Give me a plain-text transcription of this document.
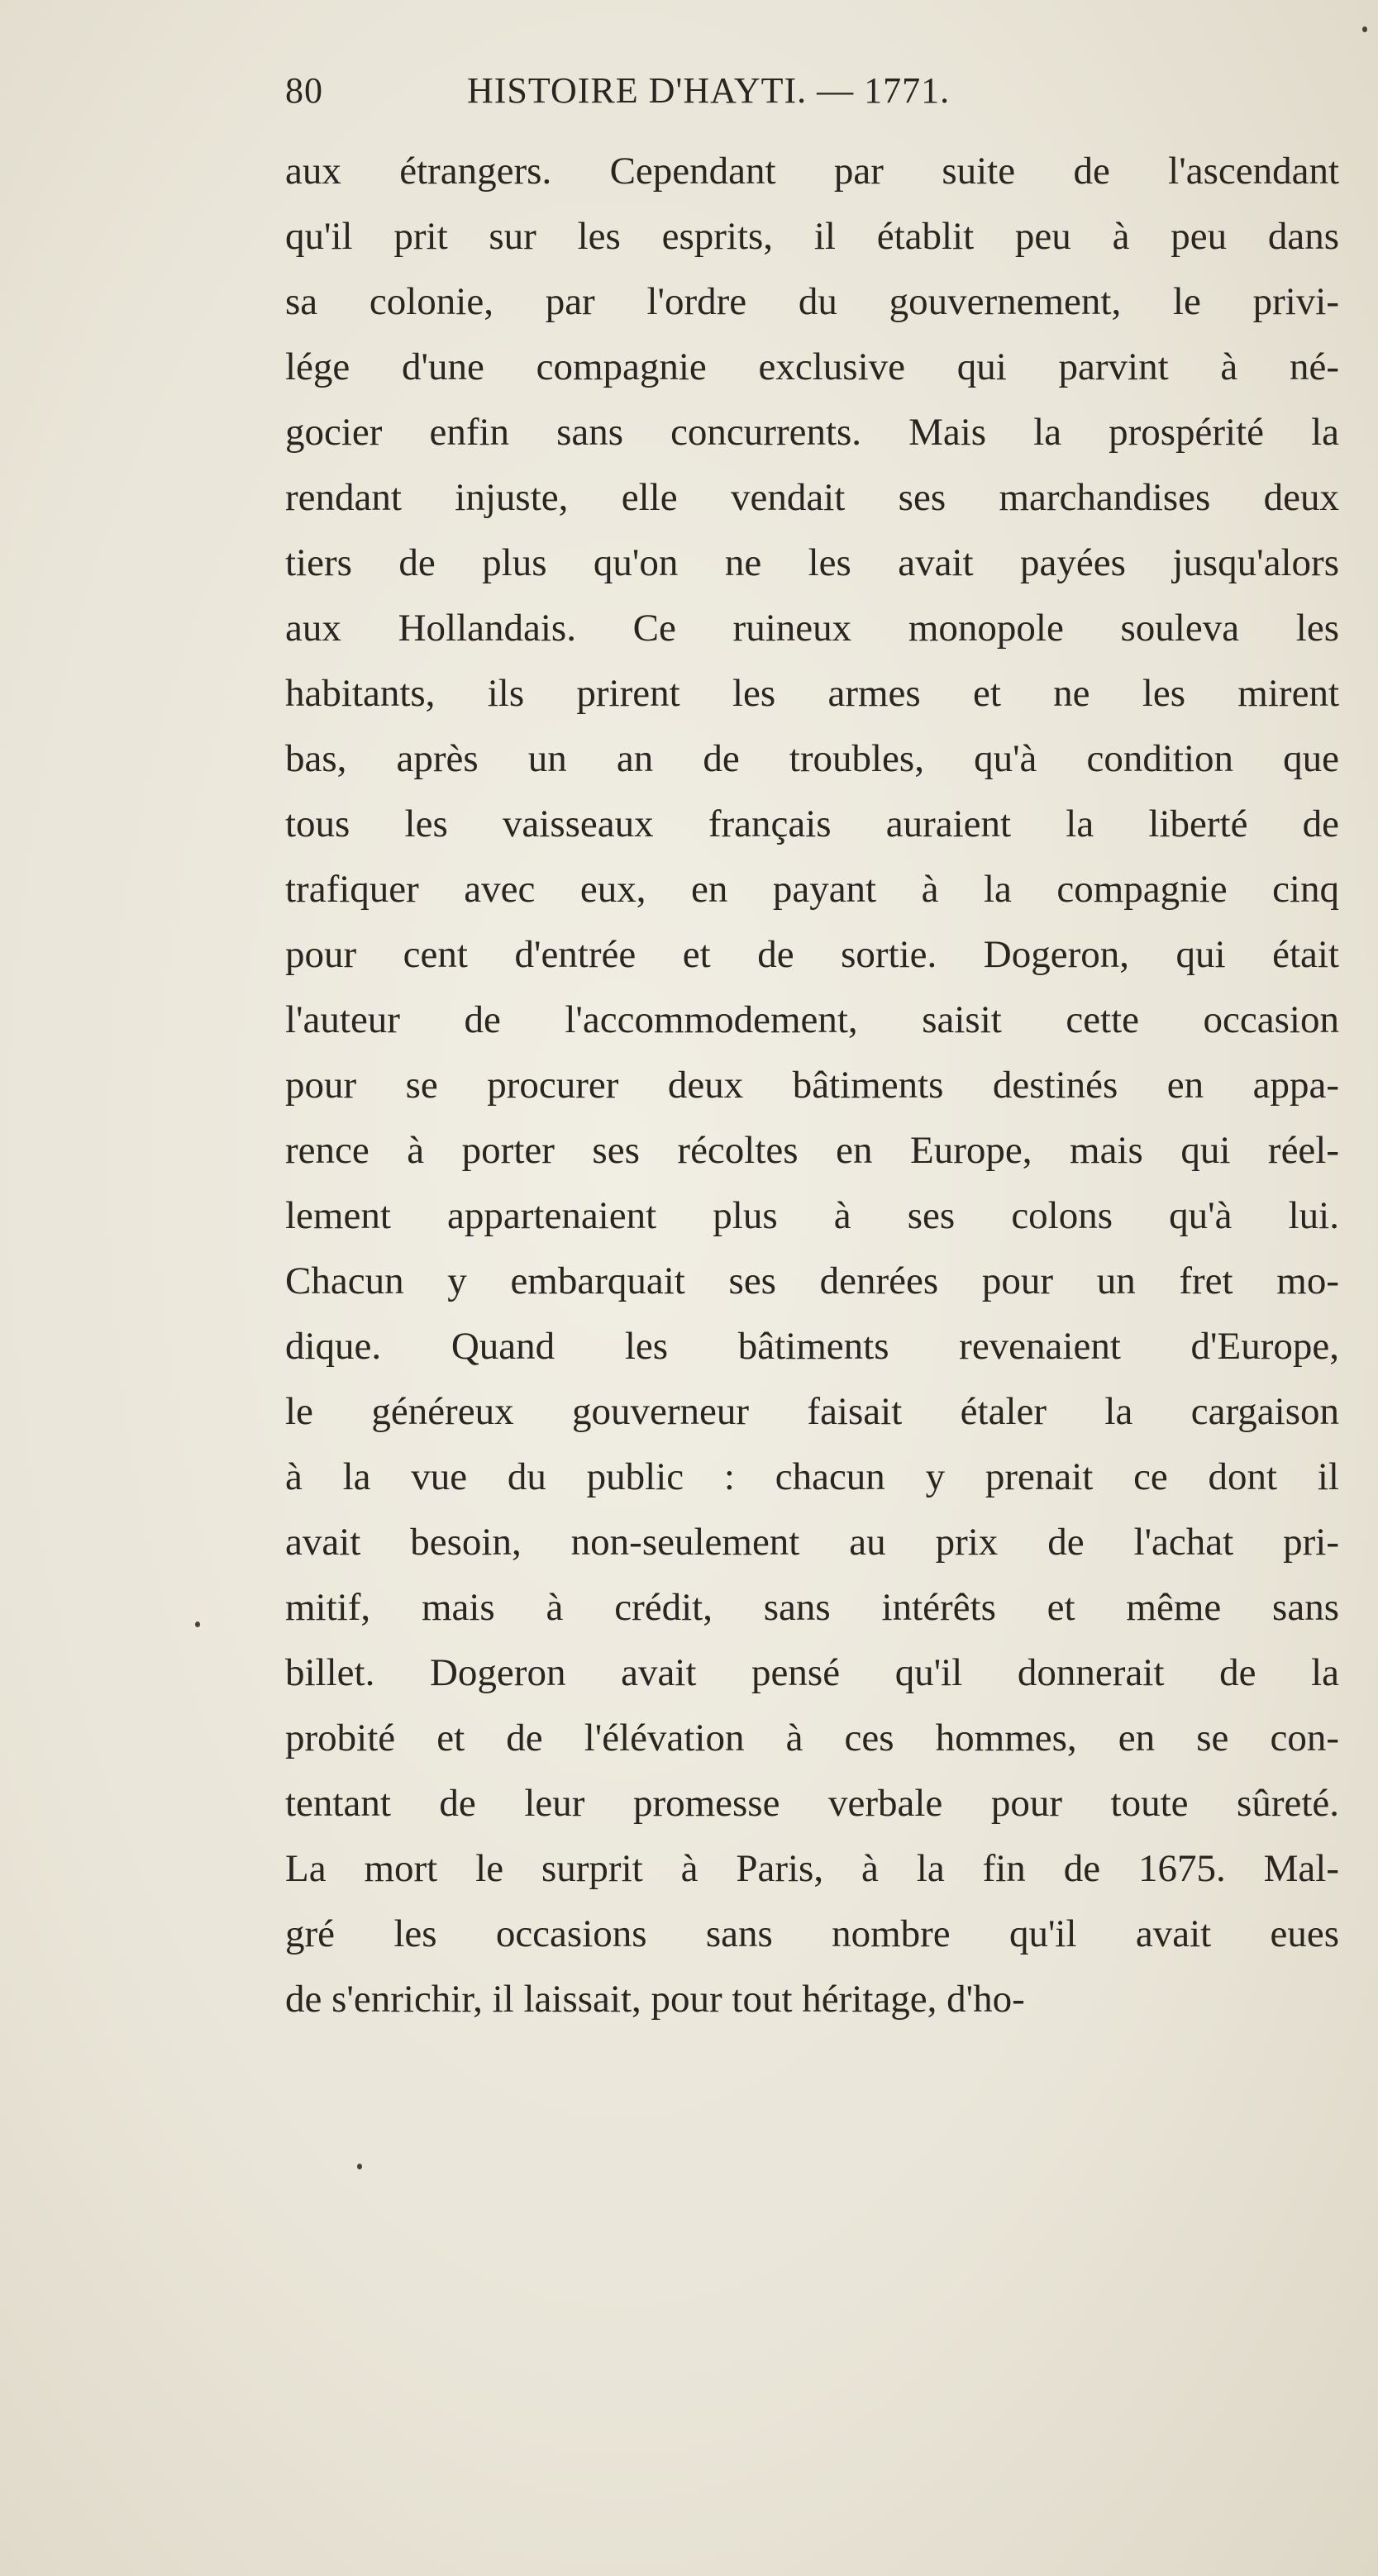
80	HISTOIRE D'HAYTI. — 1771.
aux étrangers. Cependant par suite de l'ascendant
qu'il prit sur les esprits, il établit peu à peu dans
sa colonie, par l'ordre du gouvernement, le privi-
lége d'une compagnie exclusive qui parvint à né-
gocier enfin sans concurrents. Mais la prospérité la
rendant injuste, elle vendait ses marchandises deux
tiers de plus qu'on ne les avait payées jusqu'alors
aux Hollandais. Ce ruineux monopole souleva les
habitants, ils prirent les armes et ne les mirent
bas, après un an de troubles, qu'à condition que
tous les vaisseaux français auraient la liberté de
trafiquer avec eux, en payant à la compagnie cinq
pour cent d'entrée et de sortie. Dogeron, qui était
l'auteur de l'accommodement, saisit cette occasion
pour se procurer deux bâtiments destinés en appa-
rence à porter ses récoltes en Europe, mais qui réel-
lement appartenaient plus à ses colons qu'à lui.
Chacun y embarquait ses denrées pour un fret mo-
dique. Quand les bâtiments revenaient d'Europe,
le généreux gouverneur faisait étaler la cargaison
à la vue du public : chacun y prenait ce dont il
avait besoin, non-seulement au prix de l'achat pri-
mitif, mais à crédit, sans intérêts et même sans
billet. Dogeron avait pensé qu'il donnerait de la
probité et de l'élévation à ces hommes, en se con-
tentant de leur promesse verbale pour toute sûreté.
La mort le surprit à Paris, à la fin de 1675. Mal-
gré les occasions sans nombre qu'il avait eues
de s'enrichir, il laissait, pour tout héritage, d'ho-
